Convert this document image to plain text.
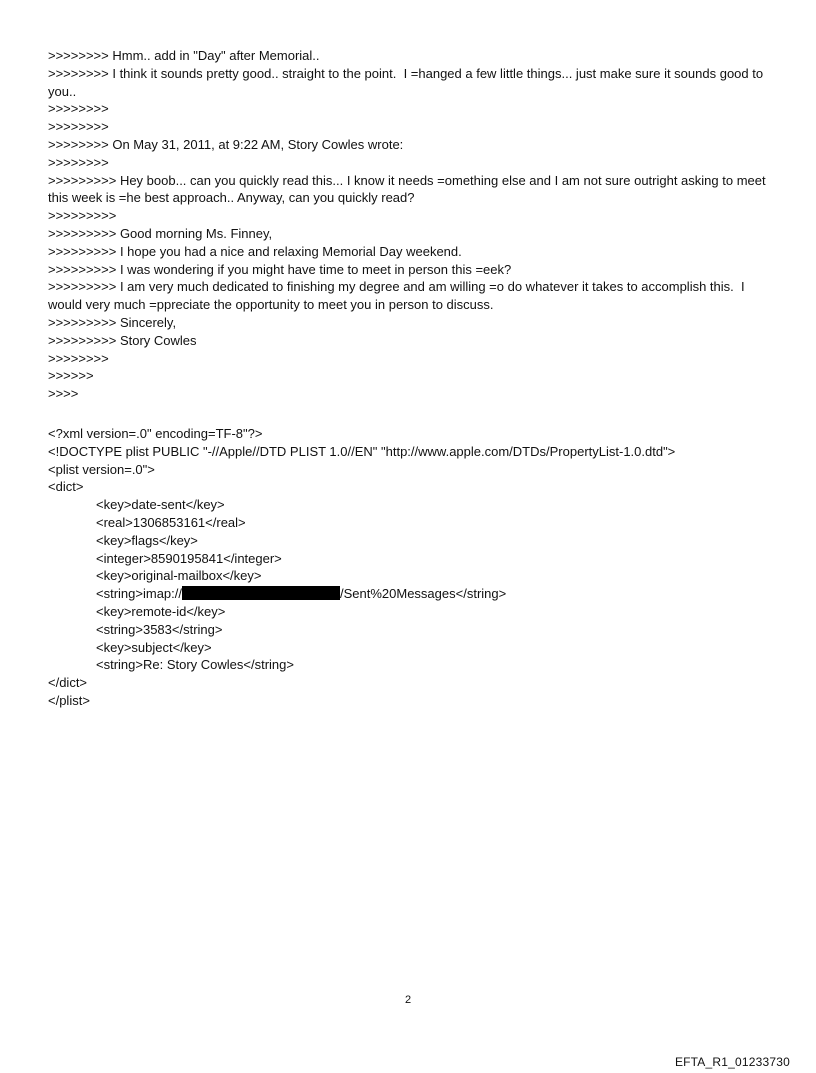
>>>>>>>> Hmm.. add in "Day" after Memorial..
>>>>>>>> I think it sounds pretty good.. straight to the point.  I =hanged a few little things... just make sure it sounds good to you..
>>>>>>>>
>>>>>>>>
>>>>>>>> On May 31, 2011, at 9:22 AM, Story Cowles wrote:
>>>>>>>>
>>>>>>>>> Hey boob... can you quickly read this... I know it needs =omething else and I am not sure outright asking to meet this week is =he best approach.. Anyway, can you quickly read?
>>>>>>>>>
>>>>>>>>> Good morning Ms. Finney,
>>>>>>>>> I hope you had a nice and relaxing Memorial Day weekend.
>>>>>>>>> I was wondering if you might have time to meet in person this =eek?
>>>>>>>>> I am very much dedicated to finishing my degree and am willing =o do whatever it takes to accomplish this.  I would very much =ppreciate the opportunity to meet you in person to discuss.
>>>>>>>>> Sincerely,
>>>>>>>>> Story Cowles
>>>>>>>>
>>>>>>
>>>>
<?xml version=.0" encoding=TF-8"?>
<!DOCTYPE plist PUBLIC "-//Apple//DTD PLIST 1.0//EN" "http://www.apple.com/DTDs/PropertyList-1.0.dtd">
<plist version=.0">
<dict>
<key>date-sent</key>
<real>1306853161</real>
<key>flags</key>
<integer>8590195841</integer>
<key>original-mailbox</key>
<string>imap://	/Sent%20Messages</string>
<key>remote-id</key>
<string>3583</string>
<key>subject</key>
<string>Re: Story Cowles</string>
</dict>
</plist>
2
EFTA_R1_01233730
